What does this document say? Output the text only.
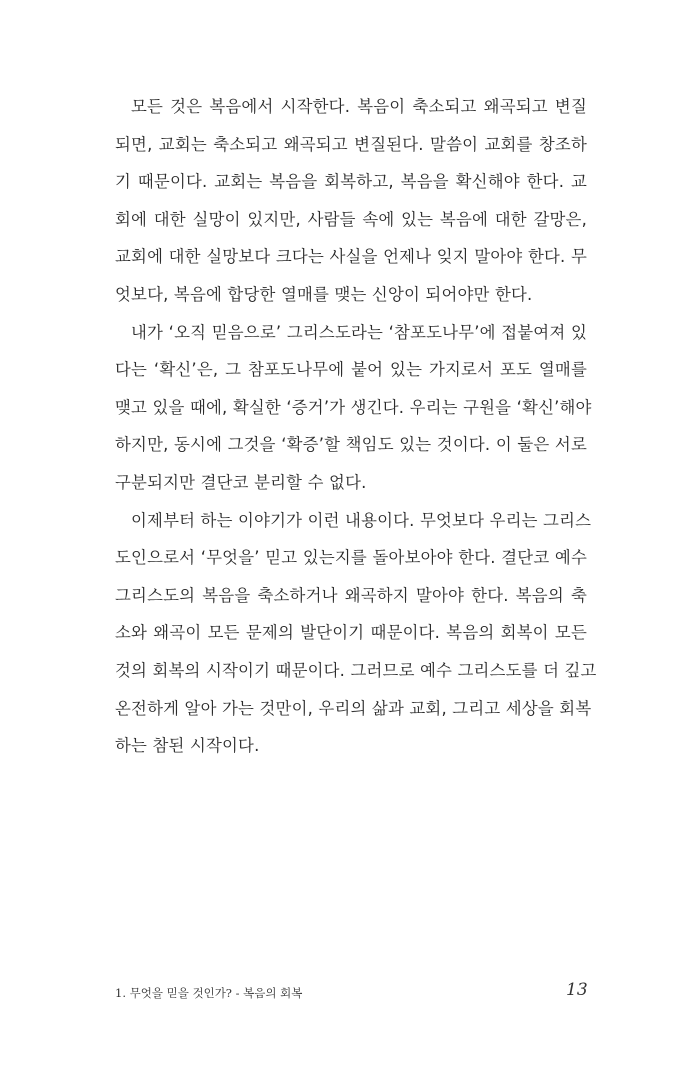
모든 것은 복음에서 시작한다. 복음이 축소되고 왜곡되고 변질
되면, 교회는 축소되고 왜곡되고 변질된다. 말씀이 교회를 창조하
기 때문이다. 교회는 복음을 회복하고, 복음을 확신해야 한다. 교
회에 대한 실망이 있지만, 사람들 속에 있는 복음에 대한 갈망은,
교회에 대한 실망보다 크다는 사실을 언제나 잊지 말아야 한다. 무
엇보다, 복음에 합당한 열매를 맺는 신앙이 되어야만 한다.
내가 ‘오직 믿음으로’ 그리스도라는 ‘참포도나무’에 접붙여져 있
다는 ‘확신’은, 그 참포도나무에 붙어 있는 가지로서 포도 열매를
맺고 있을 때에, 확실한 ‘증거’가 생긴다. 우리는 구원을 ‘확신’해야
하지만, 동시에 그것을 ‘확증’할 책임도 있는 것이다. 이 둘은 서로
구분되지만 결단코 분리할 수 없다.
이제부터 하는 이야기가 이런 내용이다. 무엇보다 우리는 그리스
도인으로서 ‘무엇을’ 믿고 있는지를 돌아보아야 한다. 결단코 예수
그리스도의 복음을 축소하거나 왜곡하지 말아야 한다. 복음의 축
소와 왜곡이 모든 문제의 발단이기 때문이다. 복음의 회복이 모든
것의 회복의 시작이기 때문이다. 그러므로 예수 그리스도를 더 깊고
온전하게 알아 가는 것만이, 우리의 삶과 교회, 그리고 세상을 회복
하는 참된 시작이다.
1. 무엇을 믿을 것인가? - 복음의 회복	13
